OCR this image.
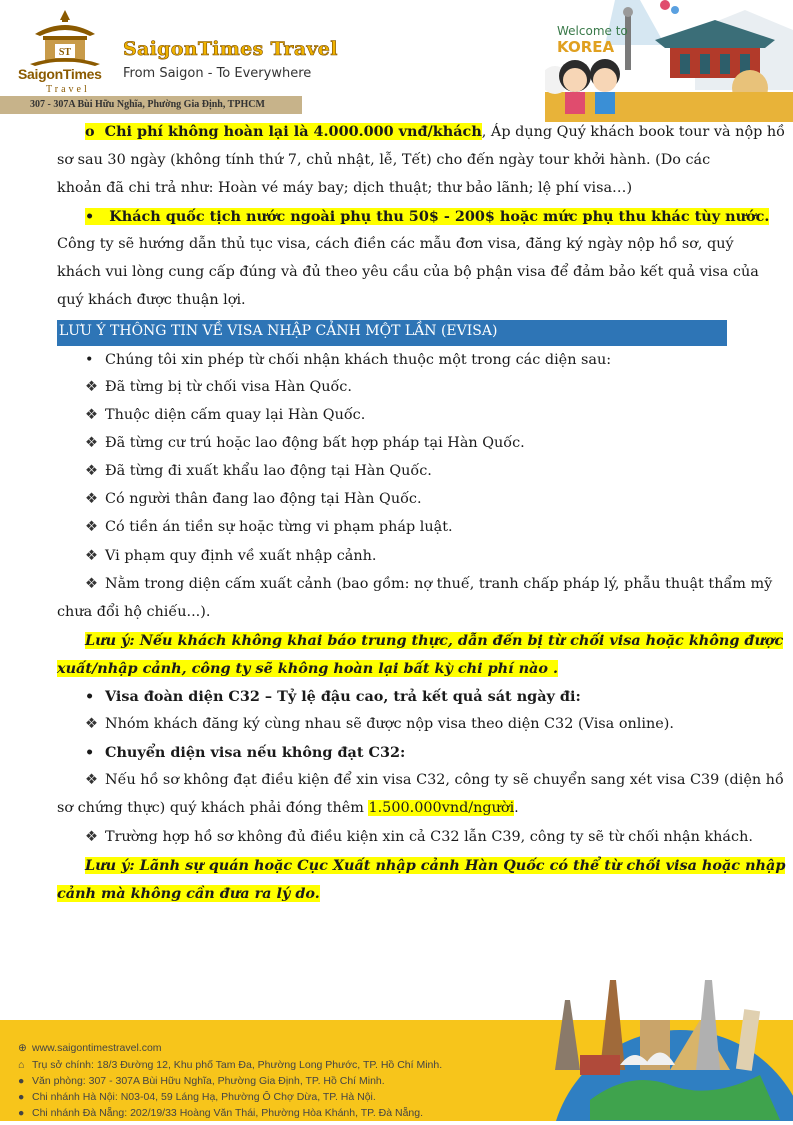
ST
SaigonTimes
Travel
SaigonTimes Travel
From Saigon - To Everywhere
307 - 307A Bùi Hữu Nghĩa, Phường Gia Định, TPHCM
Welcome to
KOREA
o Chi phí không hoàn lại là 4.000.000 vnđ/khách, Áp dụng Quý khách book tour và nộp hồ
sơ sau 30 ngày (không tính thứ 7, chủ nhật, lễ, Tết) cho đến ngày tour khởi hành. (Do các
khoản đã chi trả như: Hoàn vé máy bay; dịch thuật; thư bảo lãnh; lệ phí visa…)
• Khách quốc tịch nước ngoài phụ thu 50$ - 200$ hoặc mức phụ thu khác tùy nước.
Công ty sẽ hướng dẫn thủ tục visa, cách điền các mẫu đơn visa, đăng ký ngày nộp hồ sơ, quý
khách vui lòng cung cấp đúng và đủ theo yêu cầu của bộ phận visa để đảm bảo kết quả visa của
quý khách được thuận lợi.
LƯU Ý THÔNG TIN VỀ VISA NHẬP CẢNH MỘT LẦN (EVISA)
• Chúng tôi xin phép từ chối nhận khách thuộc một trong các diện sau:
❖ Đã từng bị từ chối visa Hàn Quốc.
❖ Thuộc diện cấm quay lại Hàn Quốc.
❖ Đã từng cư trú hoặc lao động bất hợp pháp tại Hàn Quốc.
❖ Đã từng đi xuất khẩu lao động tại Hàn Quốc.
❖ Có người thân đang lao động tại Hàn Quốc.
❖ Có tiền án tiền sự hoặc từng vi phạm pháp luật.
❖ Vi phạm quy định về xuất nhập cảnh.
❖ Nằm trong diện cấm xuất cảnh (bao gồm: nợ thuế, tranh chấp pháp lý, phẫu thuật thẩm mỹ
chưa đổi hộ chiếu...).
Lưu ý: Nếu khách không khai báo trung thực, dẫn đến bị từ chối visa hoặc không được
xuất/nhập cảnh, công ty sẽ không hoàn lại bất kỳ chi phí nào .
• Visa đoàn diện C32 – Tỷ lệ đậu cao, trả kết quả sát ngày đi:
❖ Nhóm khách đăng ký cùng nhau sẽ được nộp visa theo diện C32 (Visa online).
• Chuyển diện visa nếu không đạt C32:
❖ Nếu hồ sơ không đạt điều kiện để xin visa C32, công ty sẽ chuyển sang xét visa C39 (diện hồ
sơ chứng thực) quý khách phải đóng thêm 1.500.000vnd/người.
❖ Trường hợp hồ sơ không đủ điều kiện xin cả C32 lẫn C39, công ty sẽ từ chối nhận khách.
Lưu ý: Lãnh sự quán hoặc Cục Xuất nhập cảnh Hàn Quốc có thể từ chối visa hoặc nhập
cảnh mà không cần đưa ra lý do.
⊕ www.saigontimestravel.com
⌂ Trụ sở chính: 18/3 Đường 12, Khu phố Tam Đa, Phường Long Phước, TP. Hồ Chí Minh.
● Văn phòng: 307 - 307A Bùi Hữu Nghĩa, Phường Gia Định, TP. Hồ Chí Minh.
● Chi nhánh Hà Nội: N03-04, 59 Láng Hạ, Phường Ô Chợ Dừa, TP. Hà Nội.
● Chi nhánh Đà Nẵng: 202/19/33 Hoàng Văn Thái, Phường Hòa Khánh, TP. Đà Nẵng.
